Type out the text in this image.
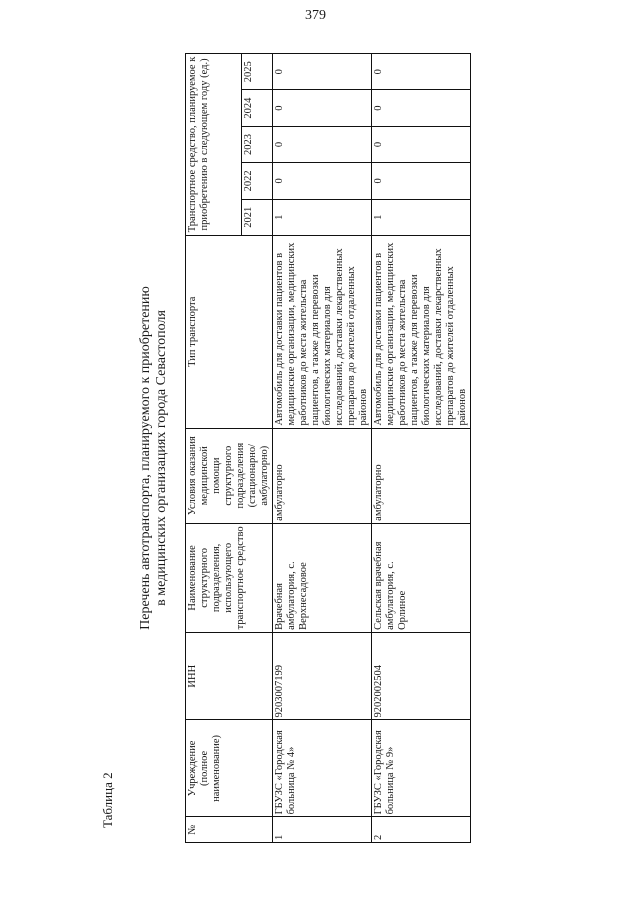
379
Таблица 2
Перечень автотранспорта, планируемого к приобретению в медицинских организациях города Севастополя
№	Учреждение (полное наименование)	ИНН	Наименование структурного подразделения, использующего транспортное средство	Условия оказания медицинской помощи структурного подразделения (стационарно/амбулаторно)	Тип транспорта	Транспортное средство, планируемое к приобретению в следующем году (ед.)				
						2021	2022	2023	2024	2025
1	ГБУЗС «Городская больница № 4»	9203007199	Врачебная амбулатория, с. Верхнесадовое	амбулаторно	Автомобиль для доставки пациентов в медицинские организации, медицинских работников до места жительства пациентов, а также для перевозки биологических материалов для исследований, доставки лекарственных препаратов до жителей отдаленных районов	1	0	0	0	0
2	ГБУЗС «Городская больница № 9»	9202002504	Сельская врачебная амбулатория, с. Орлиное	амбулаторно	Автомобиль для доставки пациентов в медицинские организации, медицинских работников до места жительства пациентов, а также для перевозки биологических материалов для исследований, доставки лекарственных препаратов до жителей отдаленных районов	1	0	0	0	0
